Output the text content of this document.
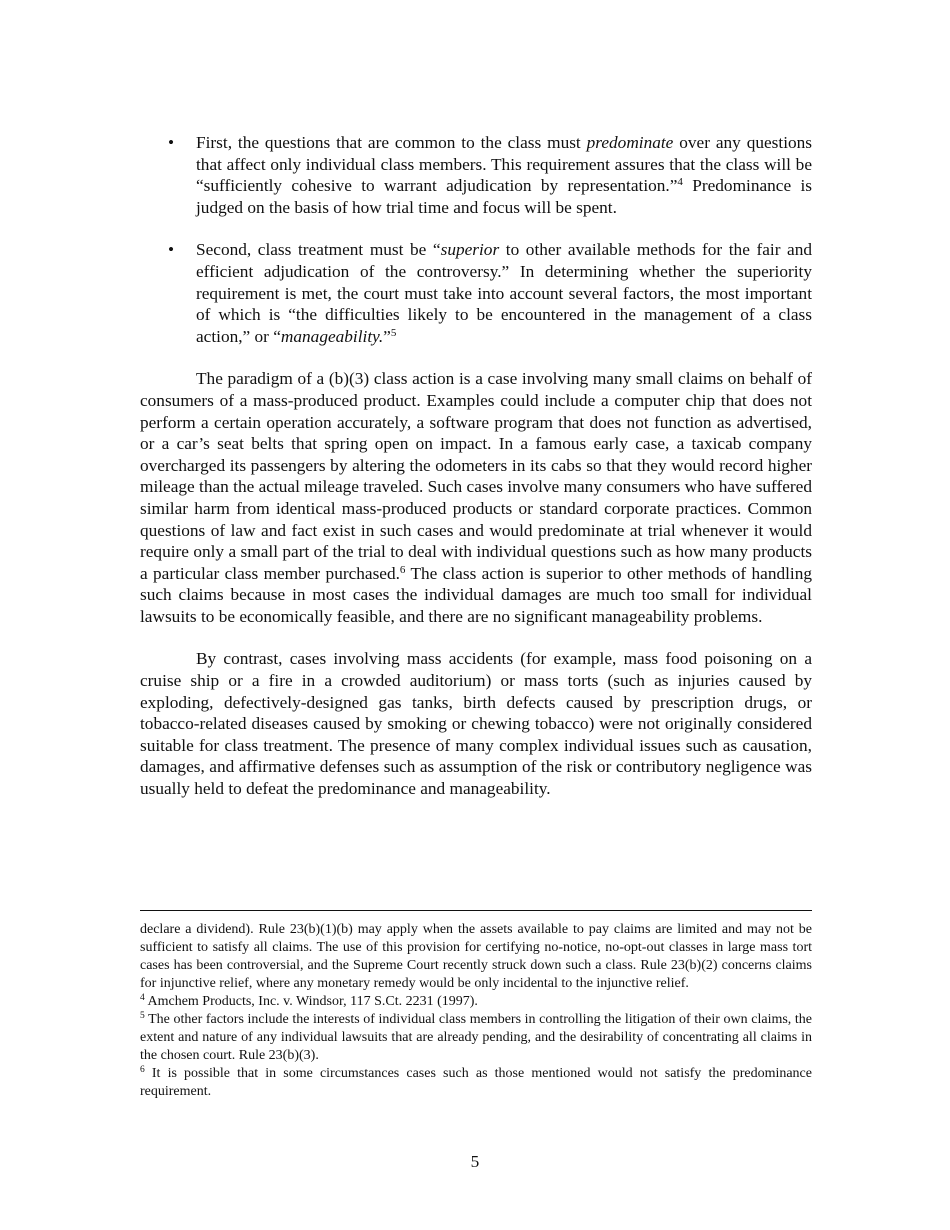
• First, the questions that are common to the class must predominate over any questions that affect only individual class members. This requirement assures that the class will be “sufficiently cohesive to warrant adjudication by representation.”$^4$ Predominance is judged on the basis of how trial time and focus will be spent.
• Second, class treatment must be “superior to other available methods for the fair and efficient adjudication of the controversy.” In determining whether the superiority requirement is met, the court must take into account several factors, the most important of which is “the difficulties likely to be encountered in the management of a class action,” or “manageability.”$^5$

The paradigm of a (b)(3) class action is a case involving many small claims on behalf of consumers of a mass-produced product. Examples could include a computer chip that does not perform a certain operation accurately, a software program that does not function as advertised, or a car’s seat belts that spring open on impact. In a famous early case, a taxicab company overcharged its passengers by altering the odometers in its cabs so that they would record higher mileage than the actual mileage traveled. Such cases involve many consumers who have suffered similar harm from identical mass-produced products or standard corporate practices. Common questions of law and fact exist in such cases and would predominate at trial whenever it would require only a small part of the trial to deal with individual questions such as how many products a particular class member purchased.$^6$ The class action is superior to other methods of handling such claims because in most cases the individual damages are much too small for individual lawsuits to be economically feasible, and there are no significant manageability problems.

By contrast, cases involving mass accidents (for example, mass food poisoning on a cruise ship or a fire in a crowded auditorium) or mass torts (such as injuries caused by exploding, defectively-designed gas tanks, birth defects caused by prescription drugs, or tobacco-related diseases caused by smoking or chewing tobacco) were not originally considered suitable for class treatment. The presence of many complex individual issues such as causation, damages, and affirmative defenses such as assumption of the risk or contributory negligence was usually held to defeat the predominance and manageability.

declare a dividend). Rule 23(b)(1)(b) may apply when the assets available to pay claims are limited and may not be sufficient to satisfy all claims. The use of this provision for certifying no-notice, no-opt-out classes in large mass tort cases has been controversial, and the Supreme Court recently struck down such a class. Rule 23(b)(2) concerns claims for injunctive relief, where any monetary remedy would be only incidental to the injunctive relief.

$^4$ Amchem Products, Inc. v. Windsor, 117 S.Ct. 2231 (1997).

$^5$ The other factors include the interests of individual class members in controlling the litigation of their own claims, the extent and nature of any individual lawsuits that are already pending, and the desirability of concentrating all claims in the chosen court. Rule 23(b)(3).

$^6$ It is possible that in some circumstances cases such as those mentioned would not satisfy the predominance requirement.

5
